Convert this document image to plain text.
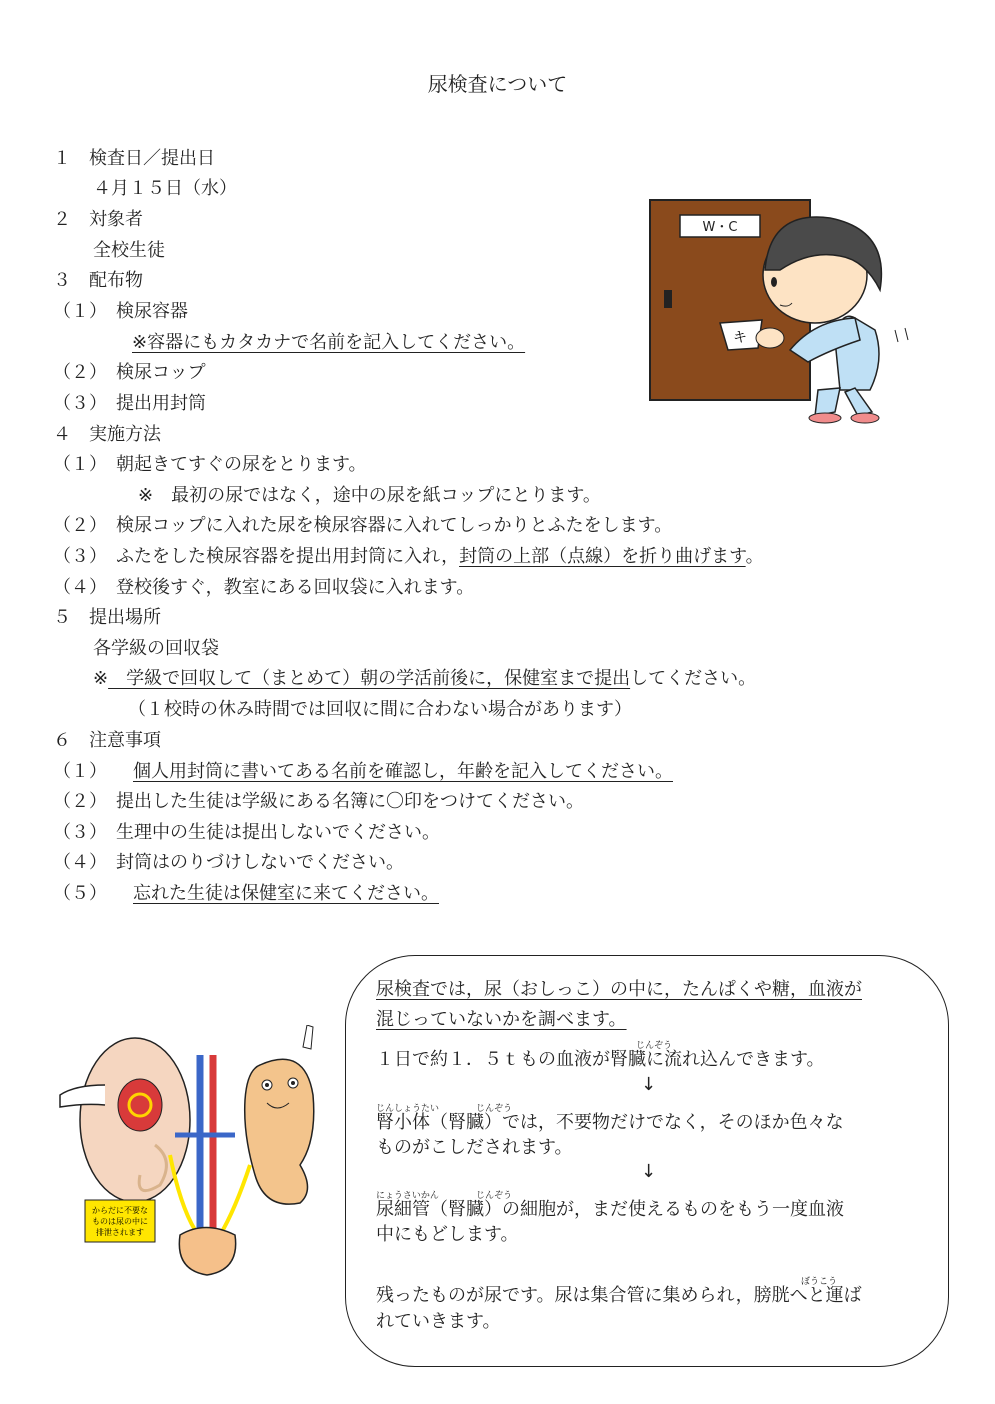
尿検査について
１　検査日／提出日
４月１５日（水）
２　対象者
全校生徒
３　配布物
（１）　検尿容器
※容器にもカタカナで名前を記入してください。
（２）　検尿コップ
（３）　提出用封筒
４　実施方法
（１）　朝起きてすぐの尿をとります。
※　最初の尿ではなく，途中の尿を紙コップにとります。
（２）　検尿コップに入れた尿を検尿容器に入れてしっかりとふたをします。
（３）　ふたをした検尿容器を提出用封筒に入れ，封筒の上部（点線）を折り曲げます。
（４）　登校後すぐ，教室にある回収袋に入れます。
５　提出場所
各学級の回収袋
※　学級で回収して（まとめて）朝の学活前後に，保健室まで提出してください。
（１校時の休み時間では回収に間に合わない場合があります）
６　注意事項
（１） 個人用封筒に書いてある名前を確認し，年齢を記入してください。
（２）　提出した生徒は学級にある名簿に〇印をつけてください。
（３）　生理中の生徒は提出しないでください。
（４）　封筒はのりづけしないでください。
（５） 忘れた生徒は保健室に来てください。
W・C
キ
からだに不要な
ものは尿の中に
排泄されます
尿検査では，尿（おしっこ）の中に，たんぱくや糖，血液が
混じっていないかを調べます。
じんぞう
１日で約１．５ｔもの血液が腎臓に流れ込んできます。
↓
じんしょうたい	じんぞう
腎小体（腎臓）では，不要物だけでなく，そのほか色々な
ものがこしだされます。
↓
にょうさいかん	じんぞう
尿細管（腎臓）の細胞が，まだ使えるものをもう一度血液
中にもどします。
ぼうこう
残ったものが尿です。尿は集合管に集められ，膀胱へと運ば
れていきます。
